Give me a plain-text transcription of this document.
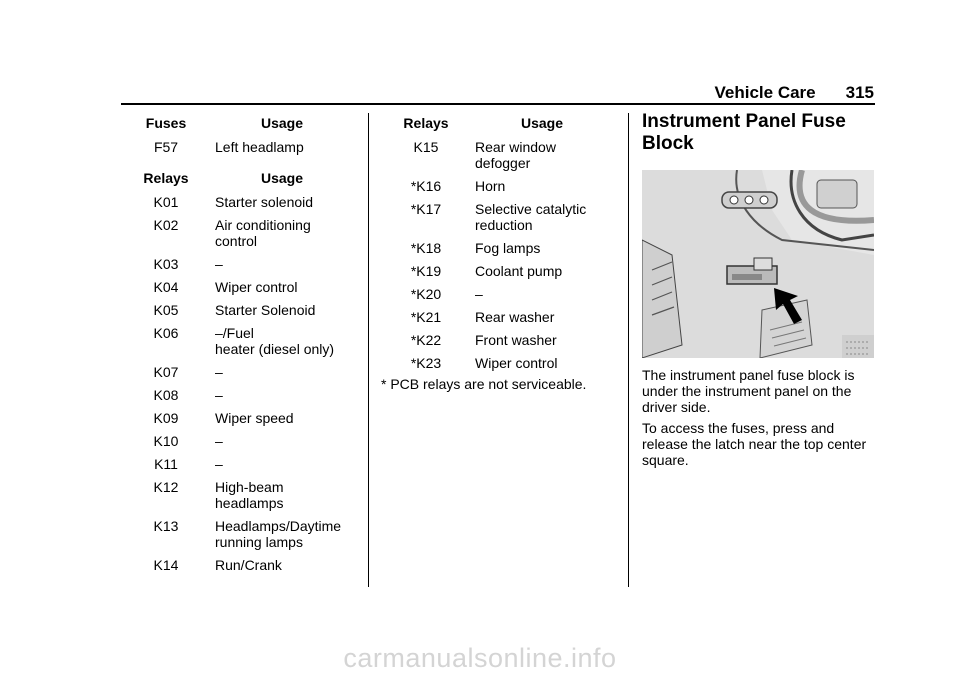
Vehicle Care 315
Fuses	Usage
F57	Left headlamp
Relays	Usage
K01	Starter solenoid
K02	Air conditioning
control
K03	–
K04	Wiper control
K05	Starter Solenoid
K06	–/Fuel
heater (diesel only)
K07	–
K08	–
K09	Wiper speed
K10	–
K11	–
K12	High-beam
headlamps
K13	Headlamps/Daytime
running lamps
K14	Run/Crank
Relays	Usage
K15	Rear window
defogger
*K16	Horn
*K17	Selective catalytic
reduction
*K18	Fog lamps
*K19	Coolant pump
*K20	–
*K21	Rear washer
*K22	Front washer
*K23	Wiper control
* PCB relays are not serviceable.
Instrument Panel Fuse Block
The instrument panel fuse block is under the instrument panel on the driver side.
To access the fuses, press and release the latch near the top center square.
carmanualsonline.info
